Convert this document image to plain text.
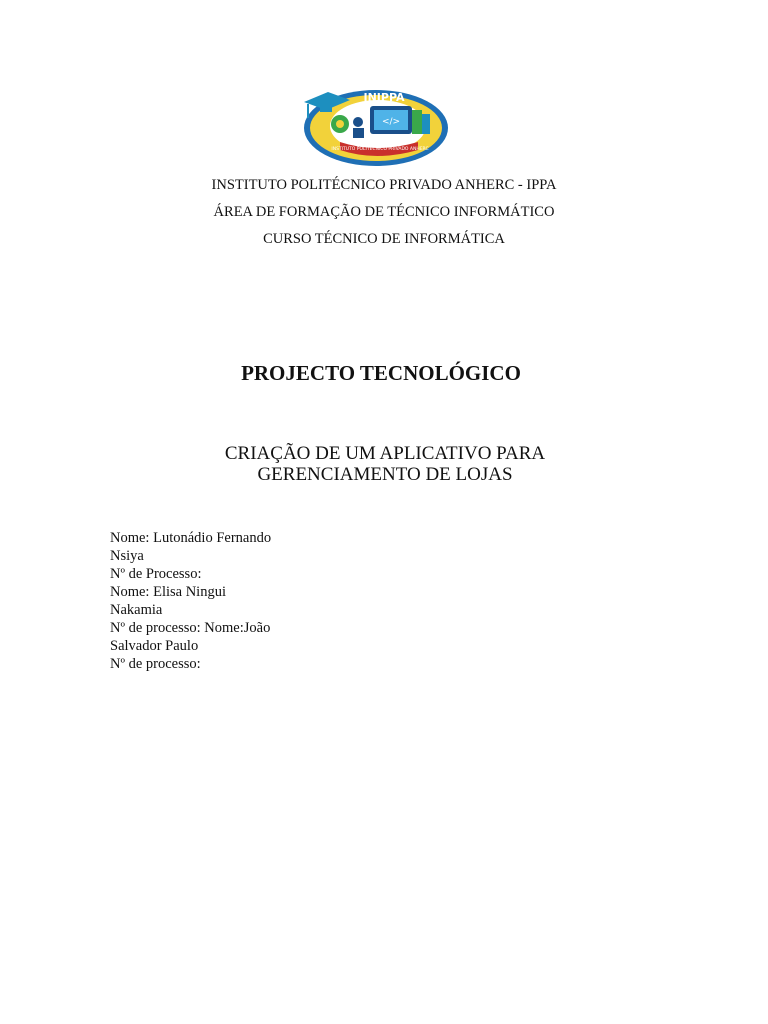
</>
INIPPA
INSTITUTO POLITÉCNICO PRIVADO ANHERC
INSTITUTO POLITÉCNICO PRIVADO ANHERC - IPPA
ÁREA DE FORMAÇÃO DE TÉCNICO INFORMÁTICO
CURSO TÉCNICO DE INFORMÁTICA
PROJECTO TECNOLÓGICO
CRIAÇÃO DE UM APLICATIVO PARA
GERENCIAMENTO DE LOJAS
Nome: Lutonádio Fernando
Nsiya
Nº de Processo:
Nome: Elisa Ningui
Nakamia
Nº de processo: Nome:João
Salvador Paulo
Nº de processo:
